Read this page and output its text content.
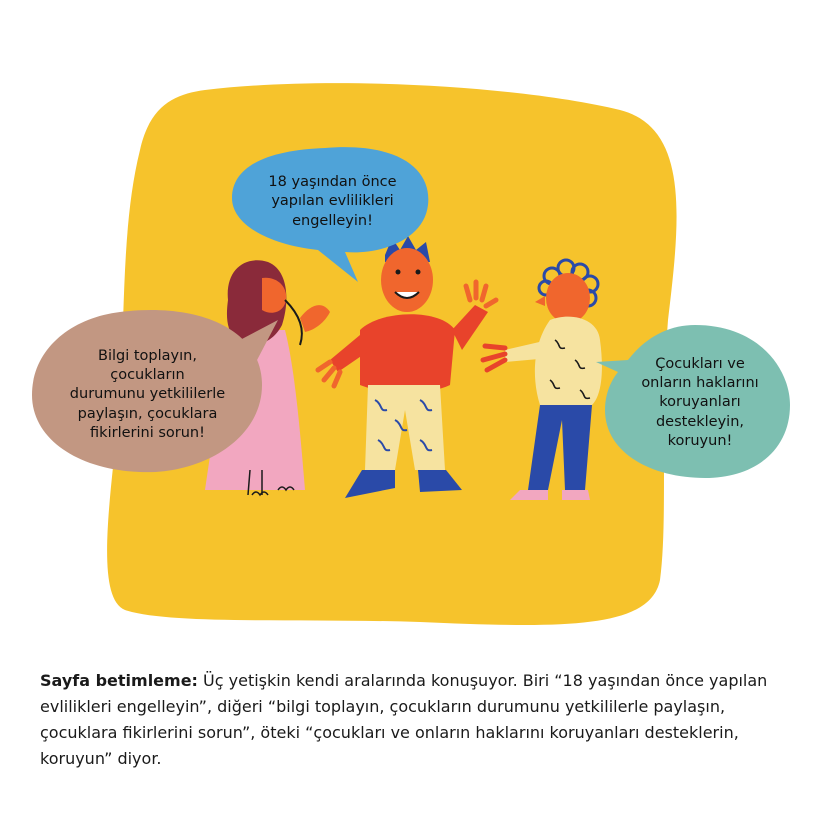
18 yaşından önce
yapılan evlilikleri
engelleyin!
Bilgi toplayın,
çocukların
durumunu yetkililerle
paylaşın, çocuklara
fikirlerini sorun!
Çocukları ve
onların haklarını
koruyanları
destekleyin,
koruyun!
Sayfa betimleme: Üç yetişkin kendi aralarında konuşuyor. Biri “18 yaşından önce yapılan evlilikleri engelleyin”, diğeri “bilgi toplayın, çocukların durumunu yetkililerle paylaşın, çocuklara fikirlerini sorun”, öteki “çocukları ve onların haklarını koruyanları desteklerin, koruyun” diyor.
